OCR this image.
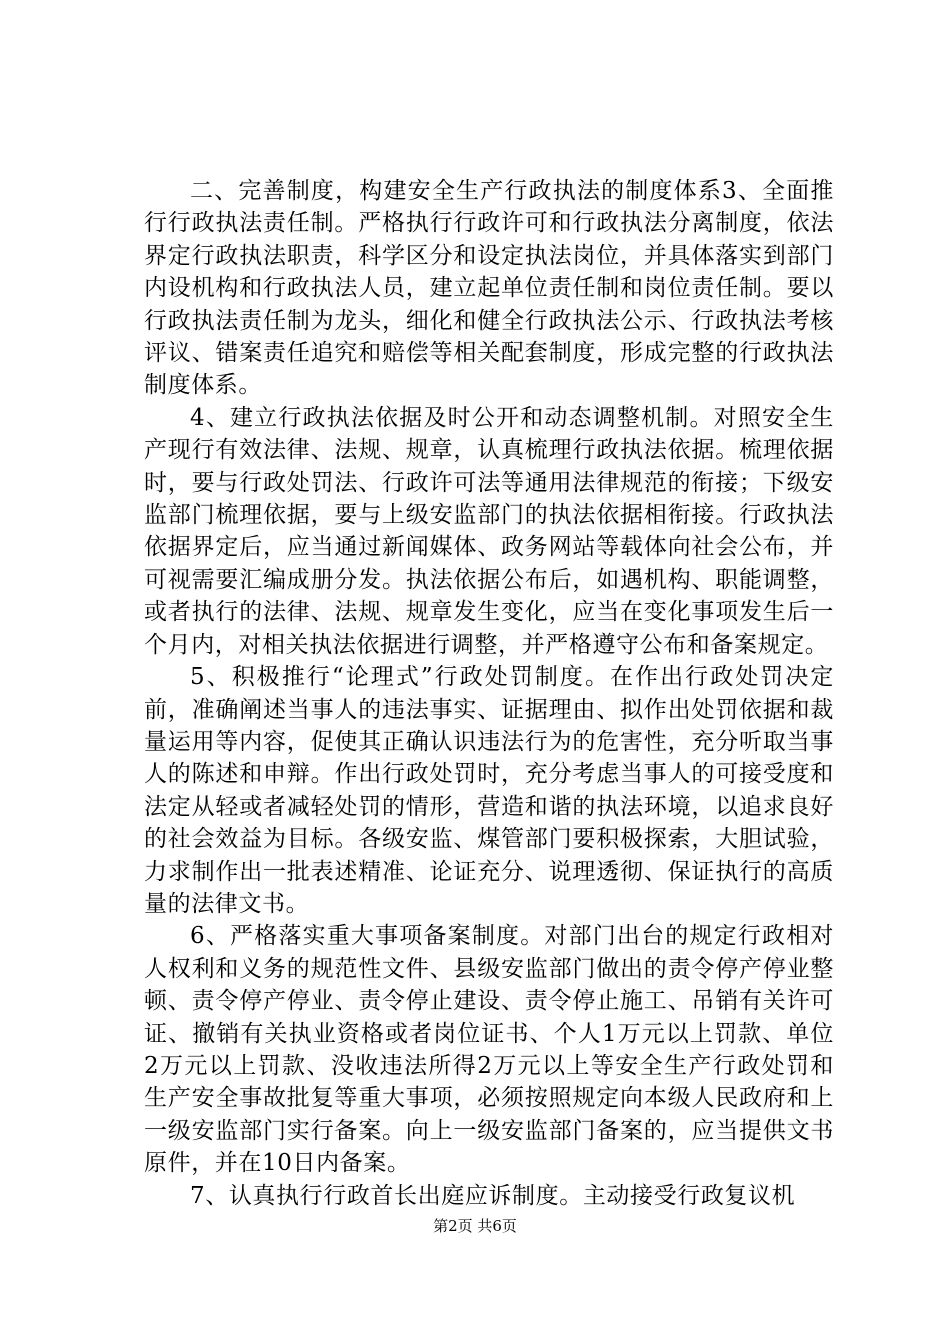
二、完善制度，构建安全生产行政执法的制度体系3、全面推行行政执法责任制。严格执行行政许可和行政执法分离制度，依法界定行政执法职责，科学区分和设定执法岗位，并具体落实到部门内设机构和行政执法人员，建立起单位责任制和岗位责任制。要以行政执法责任制为龙头，细化和健全行政执法公示、行政执法考核评议、错案责任追究和赔偿等相关配套制度，形成完整的行政执法制度体系。

4、建立行政执法依据及时公开和动态调整机制。对照安全生产现行有效法律、法规、规章，认真梳理行政执法依据。梳理依据时，要与行政处罚法、行政许可法等通用法律规范的衔接；下级安监部门梳理依据，要与上级安监部门的执法依据相衔接。行政执法依据界定后，应当通过新闻媒体、政务网站等载体向社会公布，并可视需要汇编成册分发。执法依据公布后，如遇机构、职能调整，或者执行的法律、法规、规章发生变化，应当在变化事项发生后一个月内，对相关执法依据进行调整，并严格遵守公布和备案规定。

5、积极推行“论理式”行政处罚制度。在作出行政处罚决定前，准确阐述当事人的违法事实、证据理由、拟作出处罚依据和裁量运用等内容，促使其正确认识违法行为的危害性，充分听取当事人的陈述和申辩。作出行政处罚时，充分考虑当事人的可接受度和法定从轻或者减轻处罚的情形，营造和谐的执法环境，以追求良好的社会效益为目标。各级安监、煤管部门要积极探索，大胆试验，力求制作出一批表述精准、论证充分、说理透彻、保证执行的高质量的法律文书。

6、严格落实重大事项备案制度。对部门出台的规定行政相对人权利和义务的规范性文件、县级安监部门做出的责令停产停业整顿、责令停产停业、责令停止建设、责令停止施工、吊销有关许可证、撤销有关执业资格或者岗位证书、个人1万元以上罚款、单位2万元以上罚款、没收违法所得2万元以上等安全生产行政处罚和生产安全事故批复等重大事项，必须按照规定向本级人民政府和上一级安监部门实行备案。向上一级安监部门备案的，应当提供文书原件，并在10日内备案。

7、认真执行行政首长出庭应诉制度。主动接受行政复议机

第2页 共6页
